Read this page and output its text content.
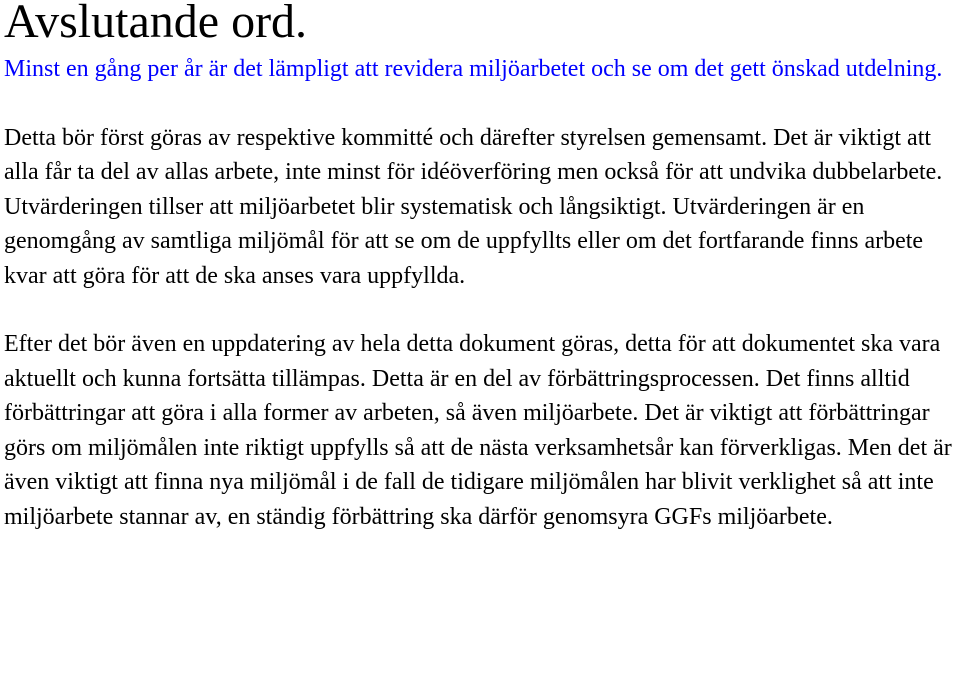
Avslutande ord.

Minst en gång per år är det lämpligt att revidera miljöarbetet och se om det gett önskad utdelning.

Detta bör först göras av respektive kommitté och därefter styrelsen gemensamt. Det är viktigt att alla får ta del av allas arbete, inte minst för idéöverföring men också för att undvika dubbelarbete. Utvärderingen tillser att miljöarbetet blir systematisk och långsiktigt. Utvärderingen är en genomgång av samtliga miljömål för att se om de uppfyllts eller om det fortfarande finns arbete kvar att göra för att de ska anses vara uppfyllda.

Efter det bör även en uppdatering av hela detta dokument göras, detta för att dokumentet ska vara aktuellt och kunna fortsätta tillämpas. Detta är en del av förbättringsprocessen. Det finns alltid förbättringar att göra i alla former av arbeten, så även miljöarbete. Det är viktigt att förbättringar görs om miljömålen inte riktigt uppfylls så att de nästa verksamhetsår kan förverkligas. Men det är även viktigt att finna nya miljömål i de fall de tidigare miljömålen har blivit verklighet så att inte miljöarbete stannar av, en ständig förbättring ska därför genomsyra GGFs miljöarbete.
